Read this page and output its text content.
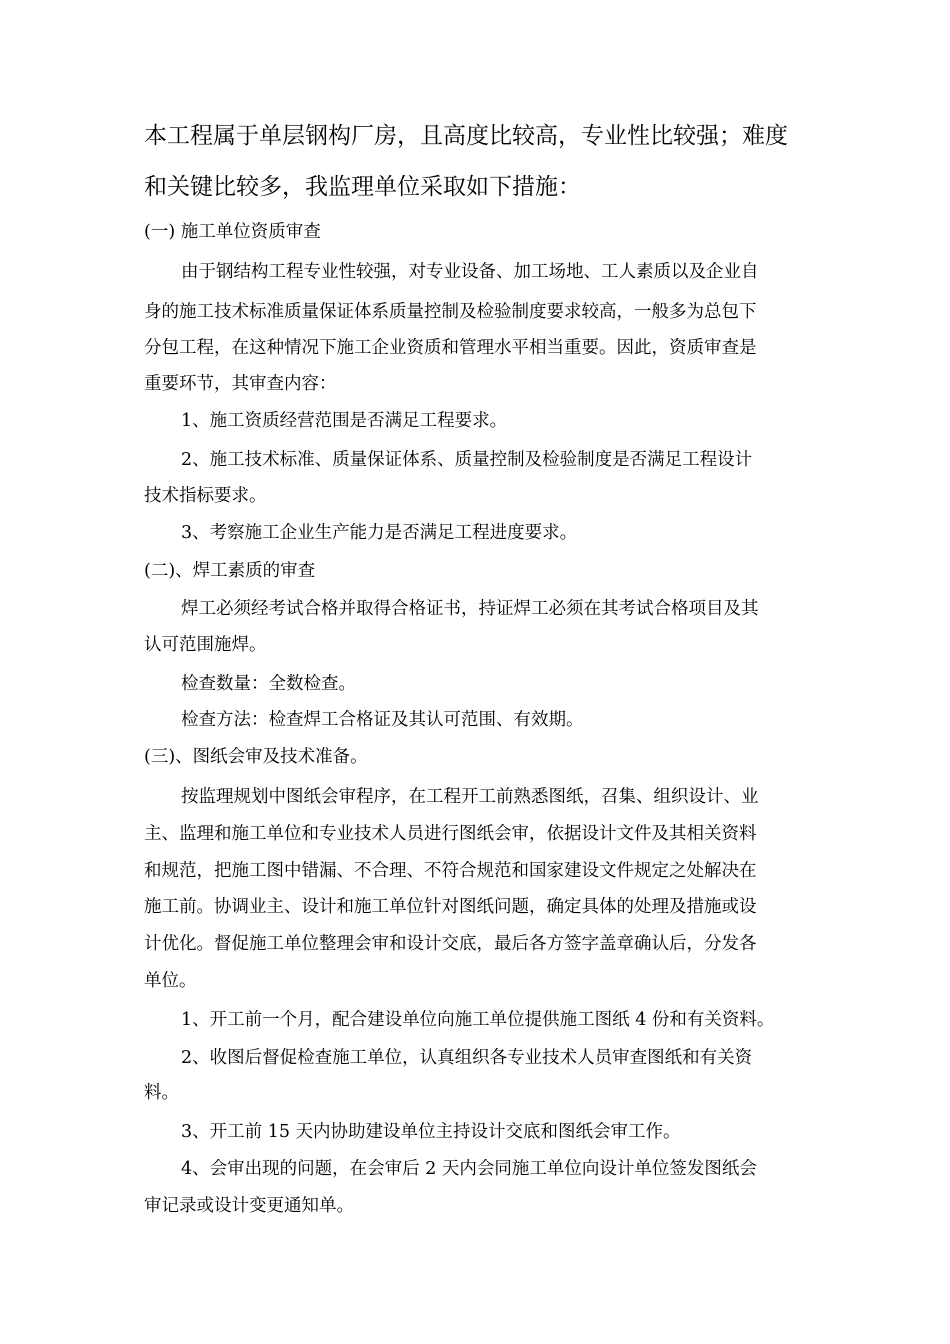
本工程属于单层钢构厂房，且高度比较高，专业性比较强；难度

和关键比较多，我监理单位采取如下措施：

(一) 施工单位资质审查

由于钢结构工程专业性较强，对专业设备、加工场地、工人素质以及企业自

身的施工技术标准质量保证体系质量控制及检验制度要求较高，一般多为总包下

分包工程，在这种情况下施工企业资质和管理水平相当重要。因此，资质审查是

重要环节，其审查内容：

1、施工资质经营范围是否满足工程要求。

2、施工技术标准、质量保证体系、质量控制及检验制度是否满足工程设计

技术指标要求。

3、考察施工企业生产能力是否满足工程进度要求。

(二)、焊工素质的审查

焊工必须经考试合格并取得合格证书，持证焊工必须在其考试合格项目及其

认可范围施焊。

检查数量：全数检查。

检查方法：检查焊工合格证及其认可范围、有效期。

(三)、图纸会审及技术准备。

按监理规划中图纸会审程序，在工程开工前熟悉图纸，召集、组织设计、业

主、监理和施工单位和专业技术人员进行图纸会审，依据设计文件及其相关资料

和规范，把施工图中错漏、不合理、不符合规范和国家建设文件规定之处解决在

施工前。协调业主、设计和施工单位针对图纸问题，确定具体的处理及措施或设

计优化。督促施工单位整理会审和设计交底，最后各方签字盖章确认后，分发各

单位。

1、开工前一个月，配合建设单位向施工单位提供施工图纸 4 份和有关资料。

2、收图后督促检查施工单位，认真组织各专业技术人员审查图纸和有关资

料。

3、开工前 15 天内协助建设单位主持设计交底和图纸会审工作。

4、会审出现的问题，在会审后 2 天内会同施工单位向设计单位签发图纸会

审记录或设计变更通知单。
